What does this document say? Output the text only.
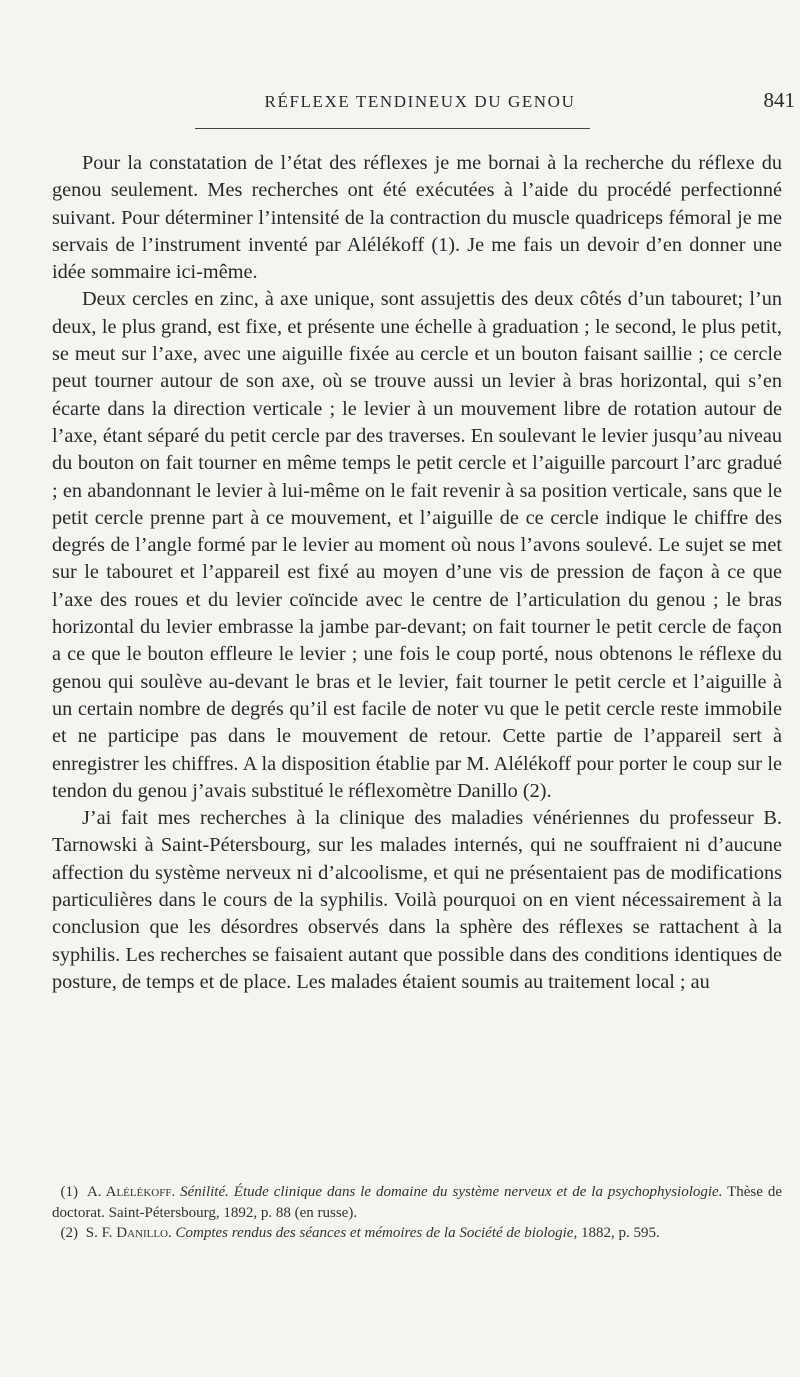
RÉFLEXE TENDINEUX DU GENOU	841

Pour la constatation de l’état des réflexes je me bornai à la recherche du réflexe du genou seulement. Mes recherches ont été exécutées à l’aide du procédé perfectionné suivant. Pour déterminer l’intensité de la contraction du muscle quadriceps fémoral je me servais de l’instrument inventé par Alélékoff (1). Je me fais un devoir d’en donner une idée sommaire ici-même.

Deux cercles en zinc, à axe unique, sont assujettis des deux côtés d’un tabouret; l’un deux, le plus grand, est fixe, et présente une échelle à graduation ; le second, le plus petit, se meut sur l’axe, avec une aiguille fixée au cercle et un bouton faisant saillie ; ce cercle peut tourner autour de son axe, où se trouve aussi un levier à bras horizontal, qui s’en écarte dans la direction verticale ; le levier à un mouvement libre de rotation autour de l’axe, étant séparé du petit cercle par des traverses. En soulevant le levier jusqu’au niveau du bouton on fait tourner en même temps le petit cercle et l’aiguille parcourt l’arc gradué ; en abandonnant le levier à lui-même on le fait revenir à sa position verticale, sans que le petit cercle prenne part à ce mouvement, et l’aiguille de ce cercle indique le chiffre des degrés de l’angle formé par le levier au moment où nous l’avons soulevé. Le sujet se met sur le tabouret et l’appareil est fixé au moyen d’une vis de pression de façon à ce que l’axe des roues et du levier coïncide avec le centre de l’articulation du genou ; le bras horizontal du levier embrasse la jambe par-devant; on fait tourner le petit cercle de façon a ce que le bouton effleure le levier ; une fois le coup porté, nous obtenons le réflexe du genou qui soulève au-devant le bras et le levier, fait tourner le petit cercle et l’aiguille à un certain nombre de degrés qu’il est facile de noter vu que le petit cercle reste immobile et ne participe pas dans le mouvement de retour. Cette partie de l’appareil sert à enregistrer les chiffres. A la disposition établie par M. Alélékoff pour porter le coup sur le tendon du genou j’avais substitué le réflexomètre Danillo (2).

J’ai fait mes recherches à la clinique des maladies vénériennes du professeur B. Tarnowski à Saint-Pétersbourg, sur les malades internés, qui ne souffraient ni d’aucune affection du système nerveux ni d’alcoolisme, et qui ne présentaient pas de modifications particulières dans le cours de la syphilis. Voilà pourquoi on en vient nécessairement à la conclusion que les désordres observés dans la sphère des réflexes se rattachent à la syphilis. Les recherches se faisaient autant que possible dans des conditions identiques de posture, de temps et de place. Les malades étaient soumis au traitement local ; au

(1) A. Alélékoff. Sénilité. Étude clinique dans le domaine du système nerveux et de la psychophysiologie. Thèse de doctorat. Saint-Pétersbourg, 1892, p. 88 (en russe).

(2) S. F. Danillo. Comptes rendus des séances et mémoires de la Société de biologie, 1882, p. 595.
